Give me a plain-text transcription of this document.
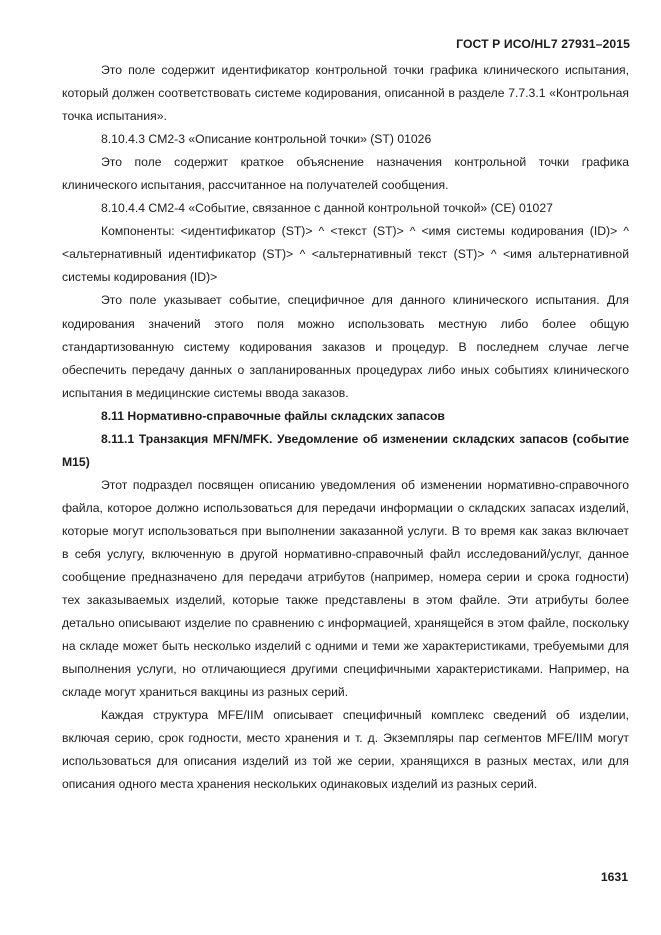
ГОСТ Р ИСО/HL7 27931–2015

Это поле содержит идентификатор контрольной точки графика клинического испытания, который должен соответствовать системе кодирования, описанной в разделе 7.7.3.1 «Контрольная точка испытания».

8.10.4.3 CM2-3 «Описание контрольной точки» (ST) 01026

Это поле содержит краткое объяснение назначения контрольной точки графика клинического испытания, рассчитанное на получателей сообщения.

8.10.4.4 CM2-4 «Событие, связанное с данной контрольной точкой» (CE) 01027

Компоненты: <идентификатор (ST)> ^ <текст (ST)> ^ <имя системы кодирования (ID)> ^ <альтернативный идентификатор (ST)> ^ <альтернативный текст (ST)> ^ <имя альтернативной системы кодирования (ID)>

Это поле указывает событие, специфичное для данного клинического испытания. Для кодирования значений этого поля можно использовать местную либо более общую стандартизованную систему кодирования заказов и процедур. В последнем случае легче обеспечить передачу данных о запланированных процедурах либо иных событиях клинического испытания в медицинские системы ввода заказов.

8.11 Нормативно-справочные файлы складских запасов
8.11.1 Транзакция MFN/MFK. Уведомление об изменении складских запасов (событие M15)

Этот подраздел посвящен описанию уведомления об изменении нормативно-справочного файла, которое должно использоваться для передачи информации о складских запасах изделий, которые могут использоваться при выполнении заказанной услуги. В то время как заказ включает в себя услугу, включенную в другой нормативно-справочный файл исследований/услуг, данное сообщение предназначено для передачи атрибутов (например, номера серии и срока годности) тех заказываемых изделий, которые также представлены в этом файле. Эти атрибуты более детально описывают изделие по сравнению с информацией, хранящейся в этом файле, поскольку на складе может быть несколько изделий с одними и теми же характеристиками, требуемыми для выполнения услуги, но отличающиеся другими специфичными характеристиками. Например, на складе могут храниться вакцины из разных серий.

Каждая структура MFE/IIM описывает специфичный комплекс сведений об изделии, включая серию, срок годности, место хранения и т. д. Экземпляры пар сегментов MFE/IIM могут использоваться для описания изделий из той же серии, хранящихся в разных местах, или для описания одного места хранения нескольких одинаковых изделий из разных серий.

1631
